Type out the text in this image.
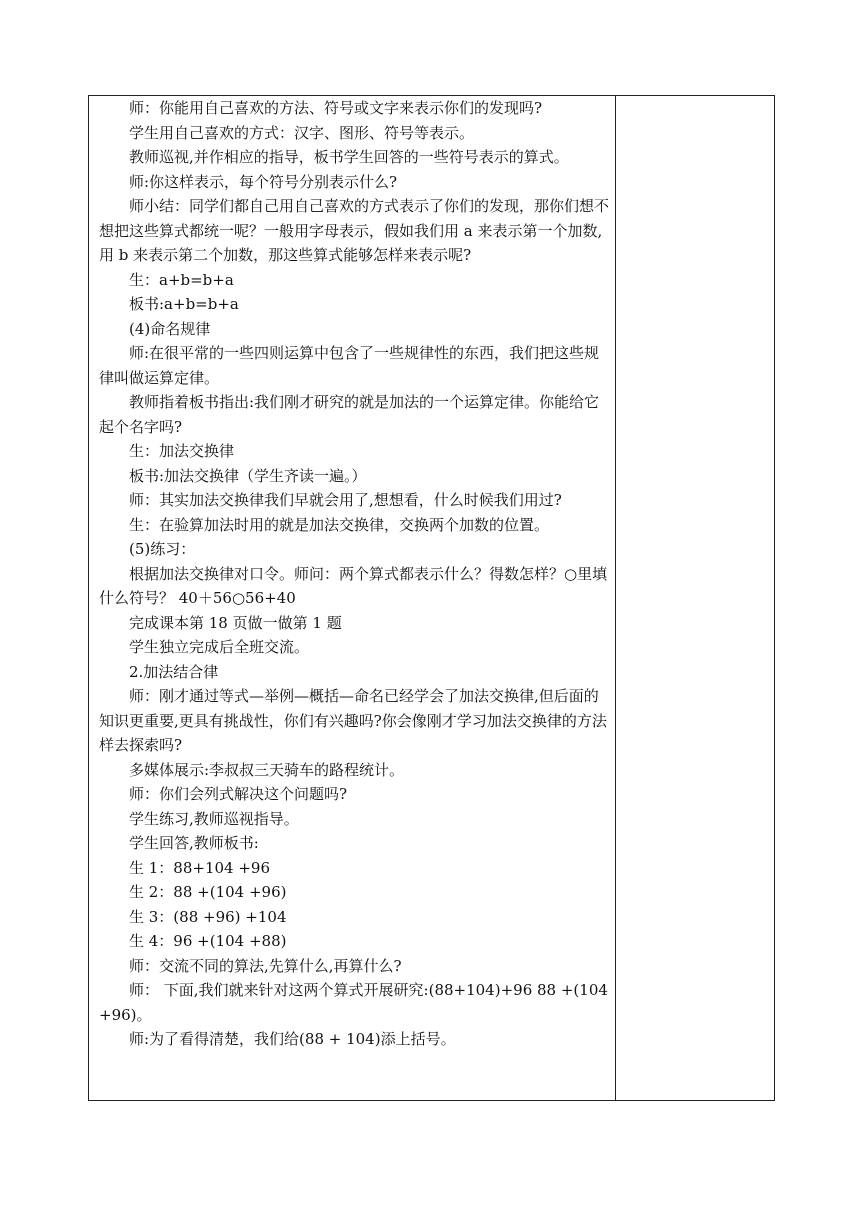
师：你能用自己喜欢的方法、符号或文字来表示你们的发现吗?

学生用自己喜欢的方式：汉字、图形、符号等表示。

教师巡视,并作相应的指导，板书学生回答的一些符号表示的算式。

师:你这样表示，每个符号分别表示什么?

师小结：同学们都自己用自己喜欢的方式表示了你们的发现，那你们想不想把这些算式都统一呢？一般用字母表示，假如我们用 a 来表示第一个加数,用 b 来表示第二个加数，那这些算式能够怎样来表示呢?

生：a+b=b+a

板书:a+b=b+a

(4)命名规律

师:在很平常的一些四则运算中包含了一些规律性的东西，我们把这些规律叫做运算定律。

教师指着板书指出:我们刚才研究的就是加法的一个运算定律。你能给它起个名字吗?

生：加法交换律

板书:加法交换律（学生齐读一遍。）

师：其实加法交换律我们早就会用了,想想看，什么时候我们用过?

生：在验算加法时用的就是加法交换律，交换两个加数的位置。

(5)练习：

根据加法交换律对口令。师问：两个算式都表示什么？得数怎样？○里填什么符号？ 40＋56○56+40

完成课本第 18 页做一做第 1 题

学生独立完成后全班交流。

2.加法结合律

师：刚才通过等式—举例—概括—命名已经学会了加法交换律,但后面的知识更重要,更具有挑战性，你们有兴趣吗?你会像刚才学习加法交换律的方法样去探索吗?

多媒体展示:李叔叔三天骑车的路程统计。

师：你们会列式解决这个问题吗?

学生练习,教师巡视指导。

学生回答,教师板书:

生 1：88+104 +96

生 2：88 +(104 +96)

生 3：(88 +96) +104

生 4：96 +(104 +88)

师：交流不同的算法,先算什么,再算什么?

师： 下面,我们就来针对这两个算式开展研究:(88+104)+96 88 +(104+96)。

师:为了看得清楚，我们给(88 + 104)添上括号。
